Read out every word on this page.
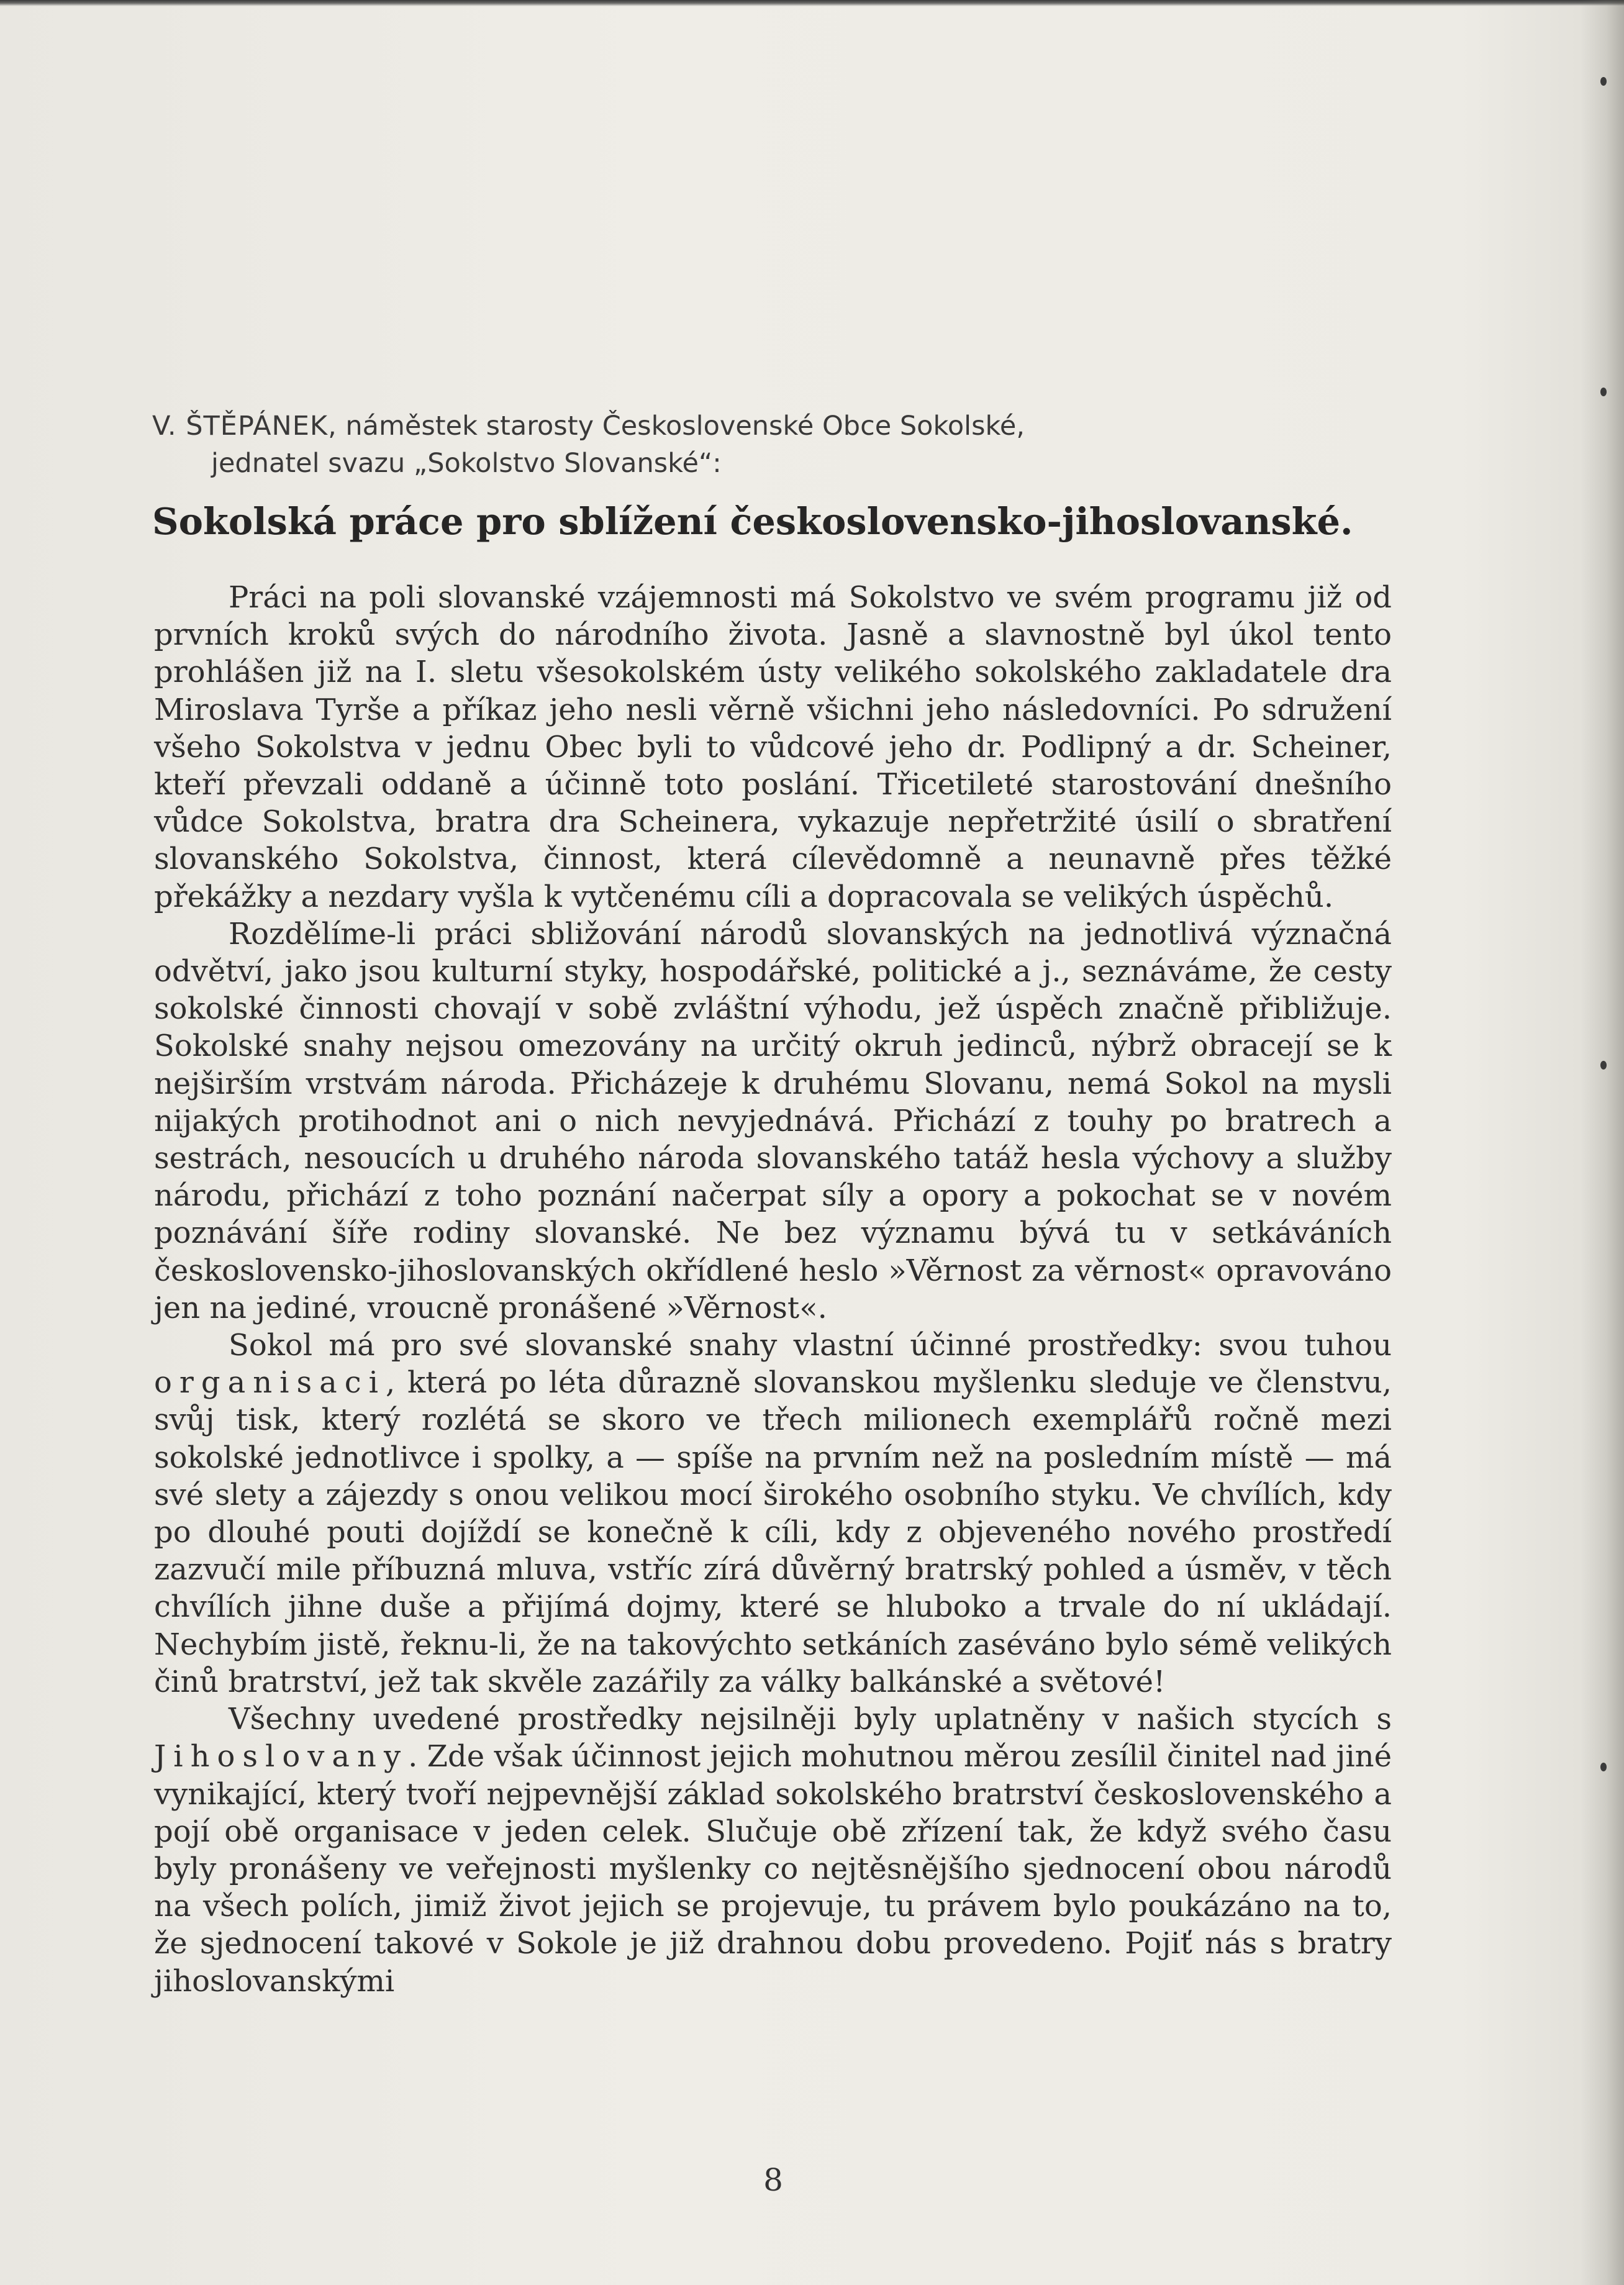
V. ŠTĚPÁNEK, náměstek starosty Československé Obce Sokolské,
jednatel svazu „Sokolstvo Slovanské“:
Sokolská práce pro sblížení československo-jihoslovanské.

Práci na poli slovanské vzájemnosti má Sokolstvo ve svém programu již od prvních kroků svých do národního života. Jasně a slavnostně byl úkol tento prohlášen již na I. sletu všesokolském ústy velikého sokolského zakladatele dra Miroslava Tyrše a příkaz jeho nesli věrně všichni jeho následovníci. Po sdružení všeho Sokolstva v jednu Obec byli to vůdcové jeho dr. Podlipný a dr. Scheiner, kteří převzali oddaně a účinně toto poslání. Třicetileté starostování dnešního vůdce Sokolstva, bratra dra Scheinera, vykazuje nepřetržité úsilí o sbratření slovanského Sokolstva, činnost, která cílevědomně a neunavně přes těžké překážky a nezdary vyšla k vytčenému cíli a dopracovala se velikých úspěchů.

Rozdělíme-li práci sbližování národů slovanských na jednotlivá význačná odvětví, jako jsou kulturní styky, hospodářské, politické a j., seznáváme, že cesty sokolské činnosti chovají v sobě zvláštní výhodu, jež úspěch značně přibližuje. Sokolské snahy nejsou omezovány na určitý okruh jedinců, nýbrž obracejí se k nejširším vrstvám národa. Přicházeje k druhému Slovanu, nemá Sokol na mysli nijakých protihodnot ani o nich nevyjednává. Přichází z touhy po bratrech a sestrách, nesoucích u druhého národa slovanského tatáž hesla výchovy a služby národu, přichází z toho poznání načerpat síly a opory a pokochat se v novém poznávání šíře rodiny slovanské. Ne bez významu bývá tu v setkáváních československo-jihoslovanských okřídlené heslo »Věrnost za věrnost« opravováno jen na jediné, vroucně pronášené »Věrnost«.

Sokol má pro své slovanské snahy vlastní účinné prostředky: svou tuhou organisaci, která po léta důrazně slovanskou myšlenku sleduje ve členstvu, svůj tisk, který rozlétá se skoro ve třech milionech exemplářů ročně mezi sokolské jednotlivce i spolky, a — spíše na prvním než na posledním místě — má své slety a zájezdy s onou velikou mocí širokého osobního styku. Ve chvílích, kdy po dlouhé pouti dojíždí se konečně k cíli, kdy z objeveného nového prostředí zazvučí mile příbuzná mluva, vstříc zírá důvěrný bratrský pohled a úsměv, v těch chvílích jihne duše a přijímá dojmy, které se hluboko a trvale do ní ukládají. Nechybím jistě, řeknu-li, že na takovýchto setkáních zaséváno bylo sémě velikých činů bratrství, jež tak skvěle zazářily za války balkánské a světové!

Všechny uvedené prostředky nejsilněji byly uplatněny v našich stycích s Jihoslovany. Zde však účinnost jejich mohutnou měrou zesílil činitel nad jiné vynikající, který tvoří nejpevnější základ sokolského bratrství československého a pojí obě organisace v jeden celek. Slučuje obě zřízení tak, že když svého času byly pronášeny ve veřejnosti myšlenky co nejtěsnějšího sjednocení obou národů na všech polích, jimiž život jejich se projevuje, tu právem bylo poukázáno na to, že sjednocení takové v Sokole je již drahnou dobu provedeno. Pojiť nás s bratry jihoslovanskými

8
